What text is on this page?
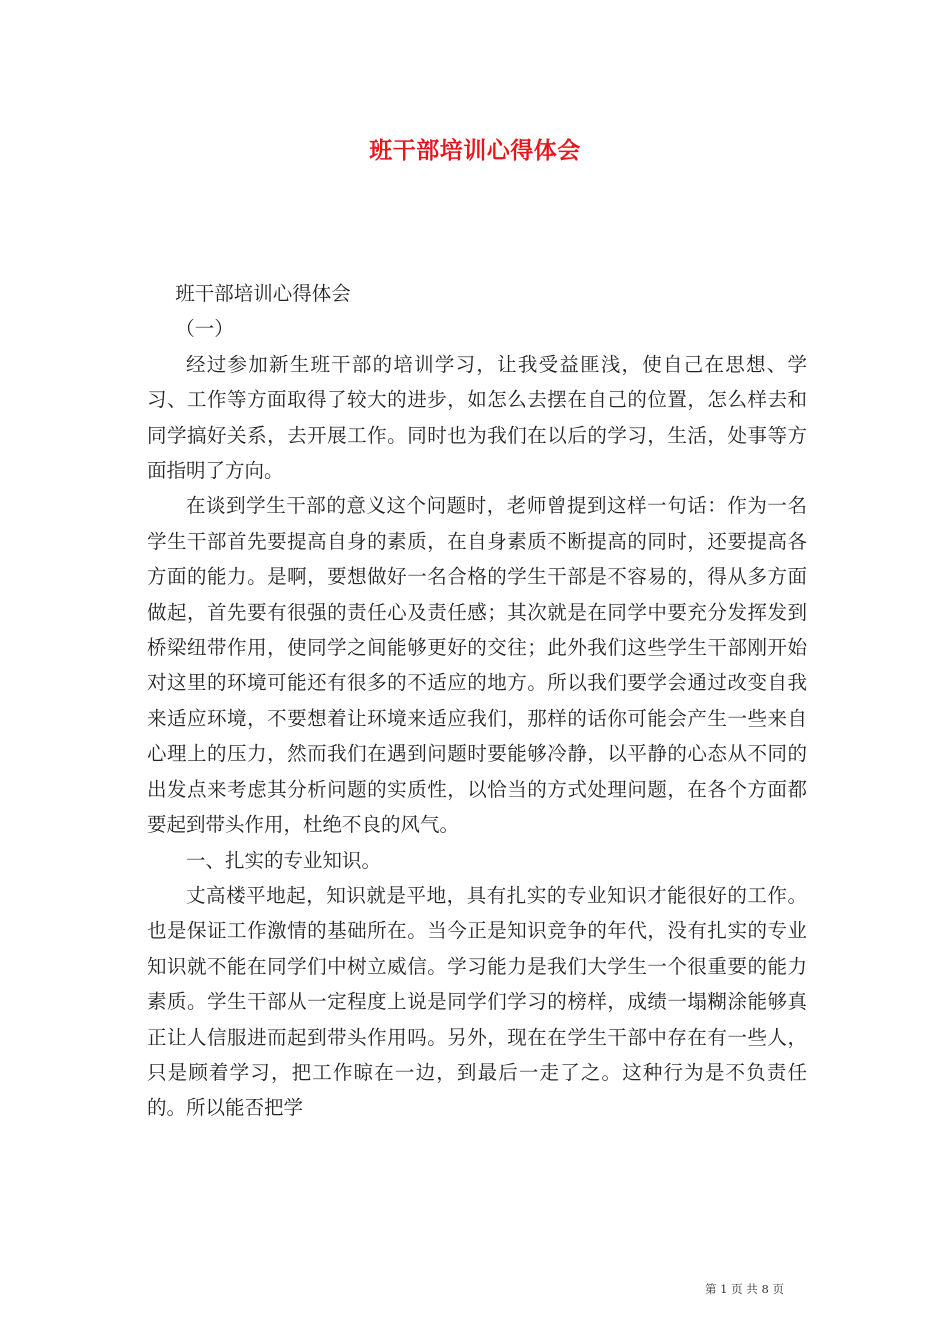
班干部培训心得体会

班干部培训心得体会

（一）

经过参加新生班干部的培训学习，让我受益匪浅，使自己在思想、学习、工作等方面取得了较大的进步，如怎么去摆在自己的位置，怎么样去和同学搞好关系，去开展工作。同时也为我们在以后的学习，生活，处事等方面指明了方向。

在谈到学生干部的意义这个问题时，老师曾提到这样一句话：作为一名学生干部首先要提高自身的素质，在自身素质不断提高的同时，还要提高各方面的能力。是啊，要想做好一名合格的学生干部是不容易的，得从多方面做起，首先要有很强的责任心及责任感；其次就是在同学中要充分发挥发到桥梁纽带作用，使同学之间能够更好的交往；此外我们这些学生干部刚开始对这里的环境可能还有很多的不适应的地方。所以我们要学会通过改变自我来适应环境，不要想着让环境来适应我们，那样的话你可能会产生一些来自心理上的压力，然而我们在遇到问题时要能够冷静，以平静的心态从不同的出发点来考虑其分析问题的实质性，以恰当的方式处理问题，在各个方面都要起到带头作用，杜绝不良的风气。

一、扎实的专业知识。

丈高楼平地起，知识就是平地，具有扎实的专业知识才能很好的工作。也是保证工作激情的基础所在。当今正是知识竞争的年代，没有扎实的专业知识就不能在同学们中树立威信。学习能力是我们大学生一个很重要的能力素质。学生干部从一定程度上说是同学们学习的榜样，成绩一塌糊涂能够真正让人信服进而起到带头作用吗。另外，现在在学生干部中存在有一些人，只是顾着学习，把工作晾在一边，到最后一走了之。这种行为是不负责任的。所以能否把学

第 1 页 共 8 页
